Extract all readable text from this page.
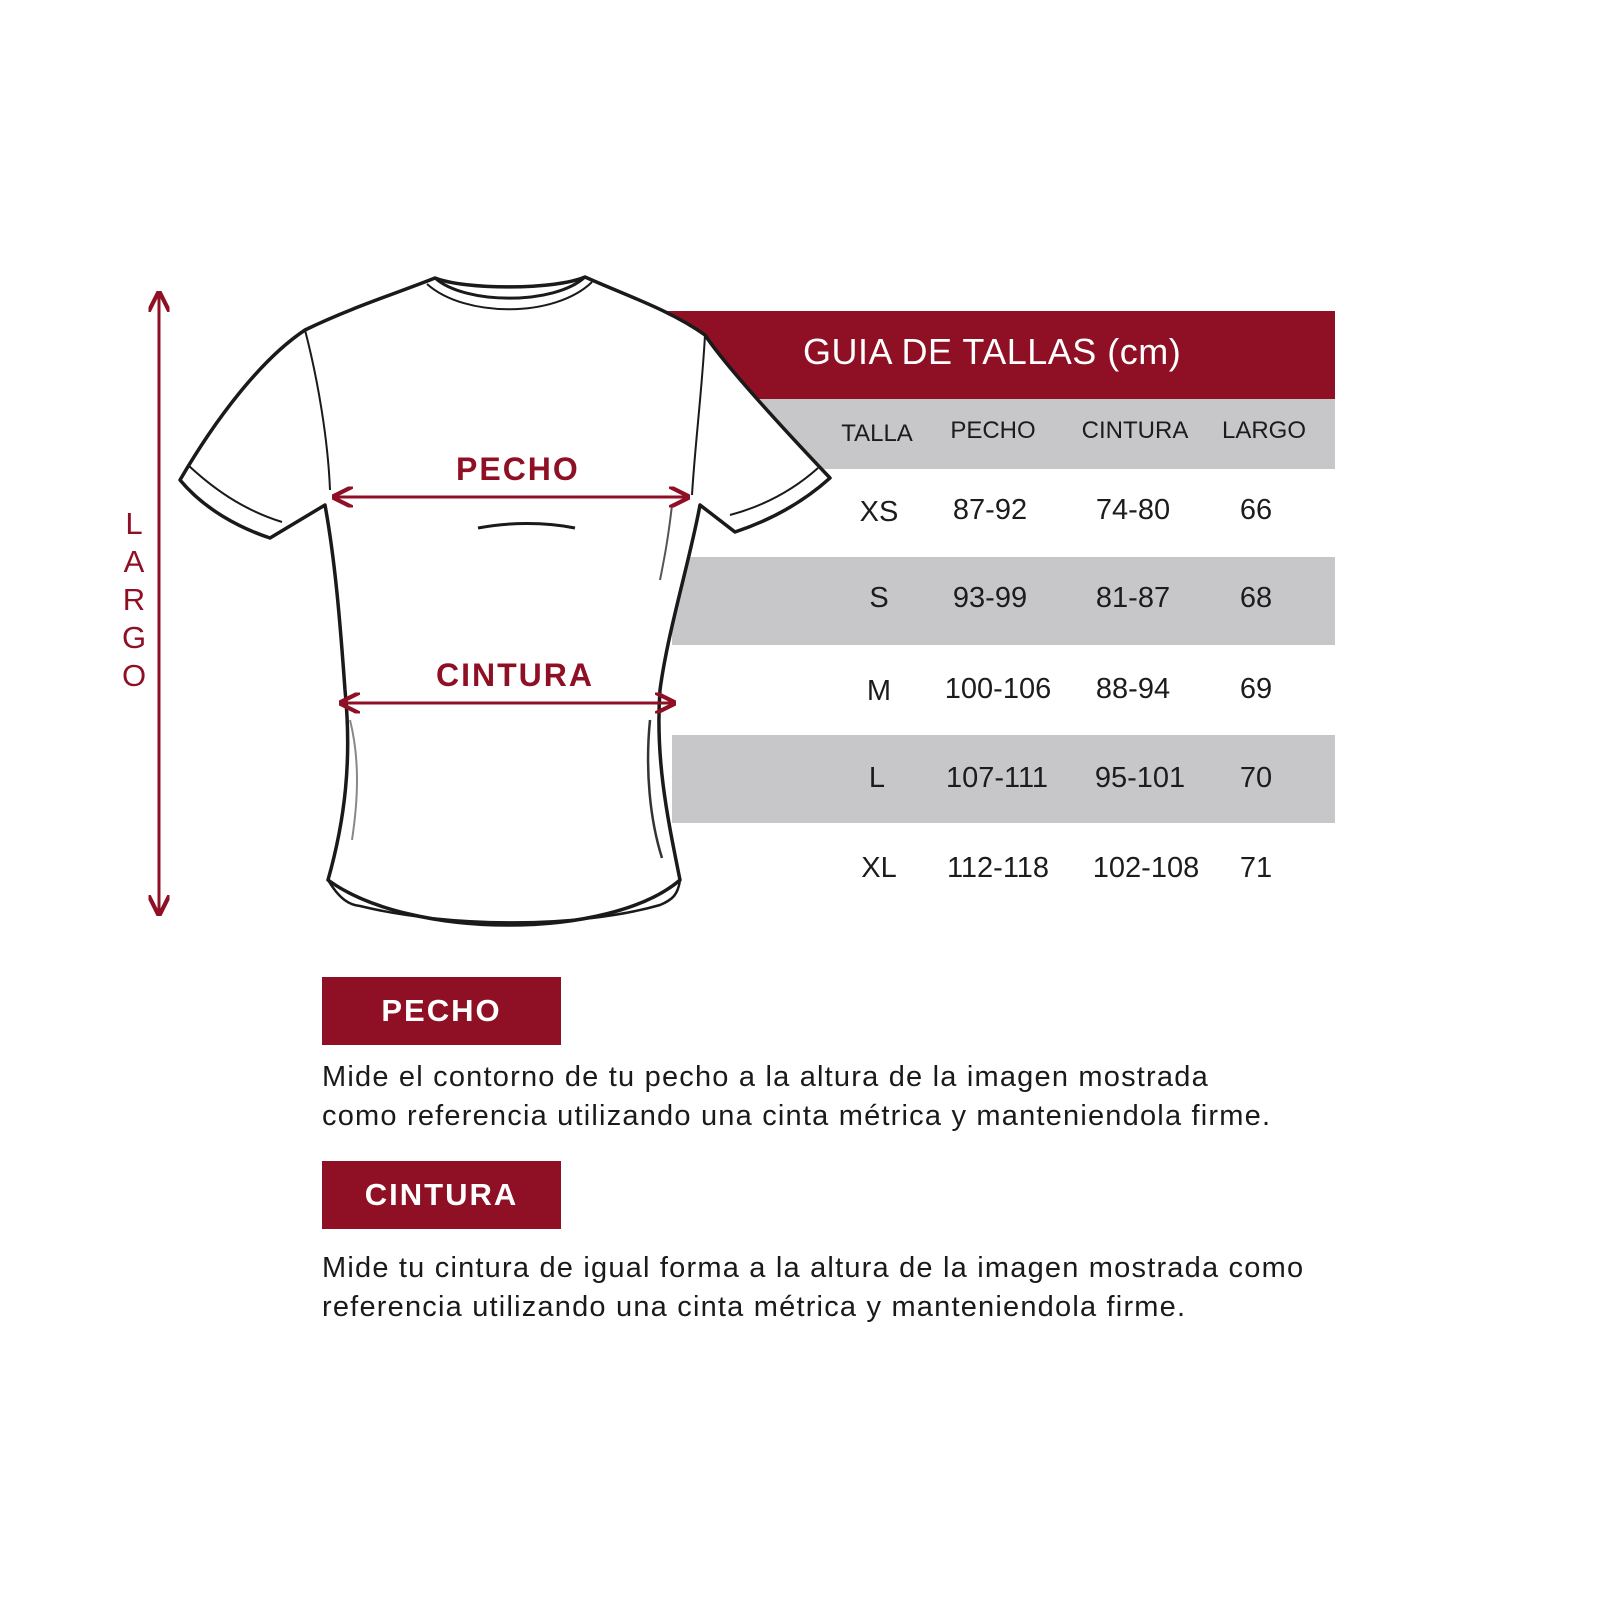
PECHO
CINTURA
L
A
R
G
O
GUIA DE TALLAS (cm)
TALLA	PECHO	CINTURA	LARGO
XS	87-92	74-80	66
S	93-99	81-87	68
M	100-106	88-94	69
L	107-111	95-101	70
XL	112-118	102-108	71
PECHO
Mide el contorno de tu pecho a la altura de la imagen mostrada
como referencia utilizando una cinta métrica y manteniendola firme.
CINTURA
Mide tu cintura de igual forma a la altura de la imagen mostrada como
referencia utilizando una cinta métrica y manteniendola firme.
